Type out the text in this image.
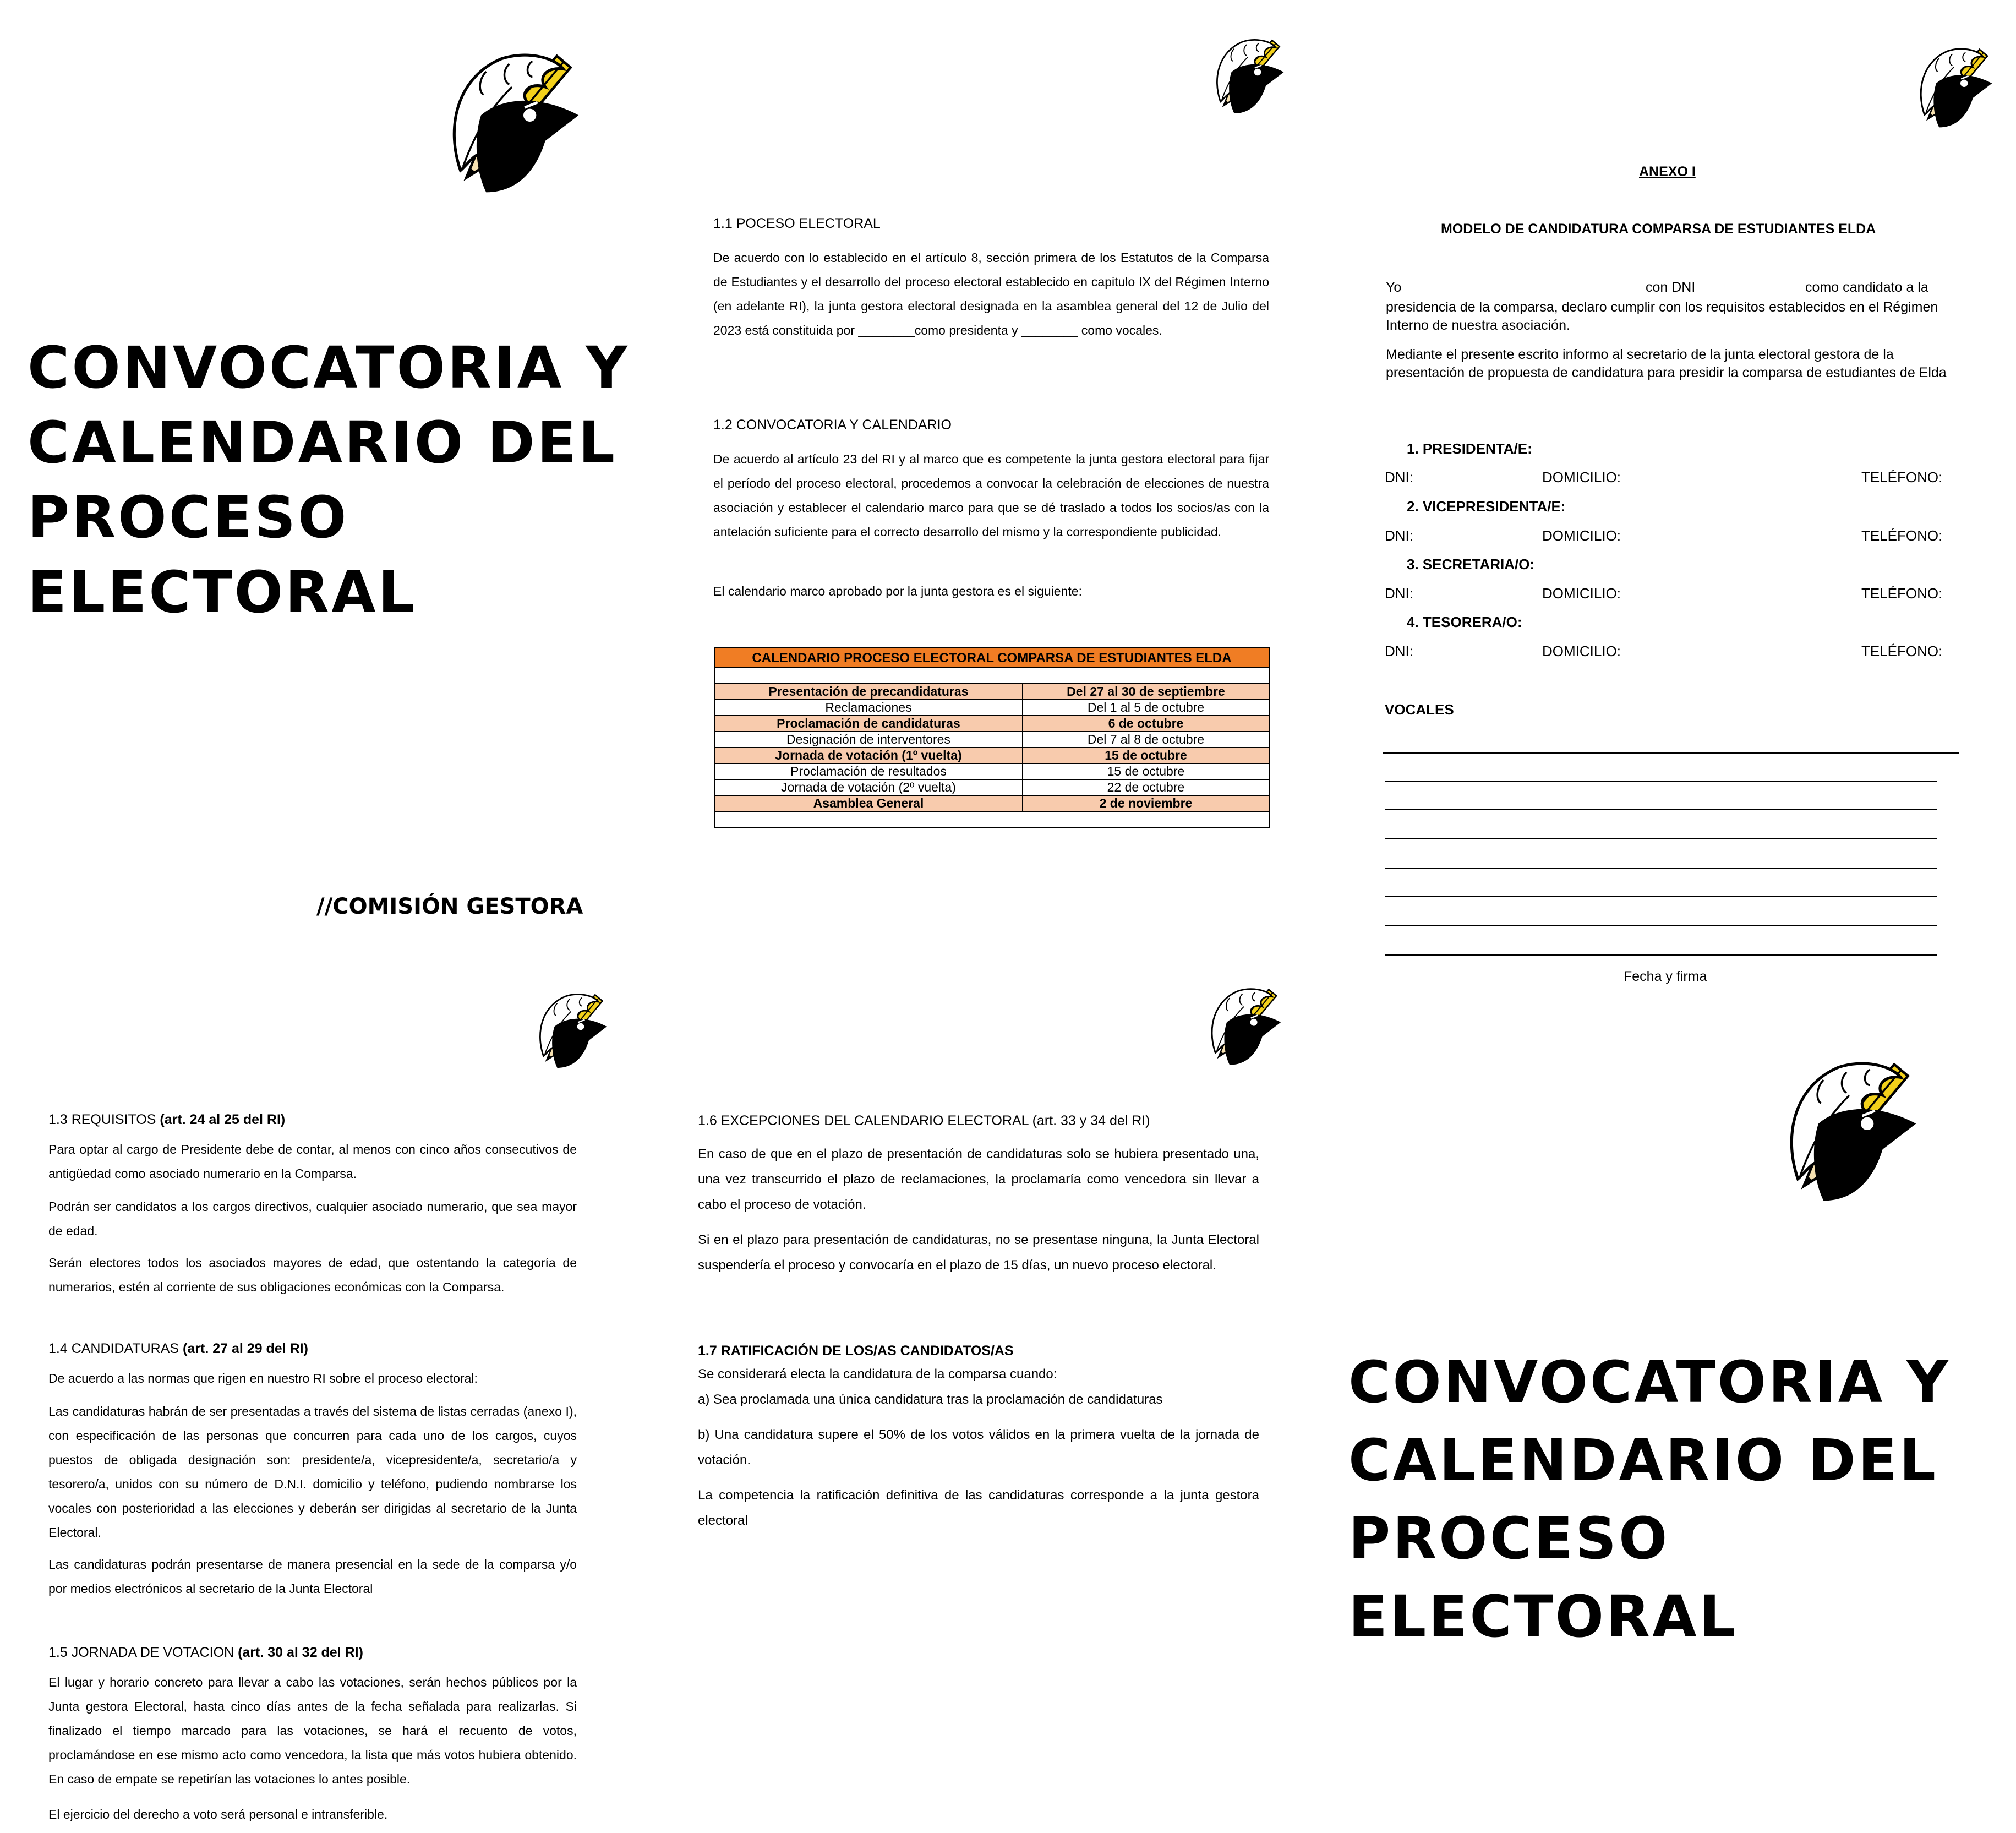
CONVOCATORIA Y
CALENDARIO DEL
PROCESO
ELECTORAL
//COMISIÓN GESTORA

1.1 POCESO ELECTORAL

De acuerdo con lo establecido en el artículo 8, sección primera de los Estatutos de la Comparsa de Estudiantes y el desarrollo del proceso electoral establecido en capitulo IX del Régimen Interno (en adelante RI), la junta gestora electoral designada en la asamblea general del 12 de Julio del 2023 está constituida por ________como presidenta y ________ como vocales.

1.2 CONVOCATORIA Y CALENDARIO

De acuerdo al artículo 23 del RI y al marco que es competente la junta gestora electoral para fijar el período del proceso electoral, procedemos a convocar la celebración de elecciones de nuestra asociación y establecer el calendario marco para que se dé traslado a todos los socios/as con la antelación suficiente para el correcto desarrollo del mismo y la correspondiente publicidad.

El calendario marco aprobado por la junta gestora es el siguiente:

CALENDARIO PROCESO ELECTORAL COMPARSA DE ESTUDIANTES ELDA	

Presentación de precandidaturas	Del 27 al 30 de septiembre
Reclamaciones	Del 1 al 5 de octubre
Proclamación de candidaturas	6 de octubre
Designación de interventores	Del 7 al 8 de octubre
Jornada de votación (1º vuelta)	15 de octubre
Proclamación de resultados	15 de octubre
Jornada de votación (2º vuelta)	22 de octubre
Asamblea General	2 de noviembre

ANEXO I
MODELO DE CANDIDATURA COMPARSA DE ESTUDIANTES ELDA
Yo	con DNI	como candidato a la
presidencia de la comparsa, declaro cumplir con los requisitos establecidos en el Régimen Interno de nuestra asociación.
Mediante el presente escrito informo al secretario de la junta electoral gestora de la presentación de propuesta de candidatura para presidir la comparsa de estudiantes de Elda
1. PRESIDENTA/E:
DNI:	DOMICILIO:	TELÉFONO:
2. VICEPRESIDENTA/E:
DNI:	DOMICILIO:	TELÉFONO:
3. SECRETARIA/O:
DNI:	DOMICILIO:	TELÉFONO:
4. TESORERA/O:
DNI:	DOMICILIO:	TELÉFONO:
VOCALES
Fecha y firma

1.3 REQUISITOS (art. 24 al 25 del RI)

Para optar al cargo de Presidente debe de contar, al menos con cinco años consecutivos de antigüedad como asociado numerario en la Comparsa.

Podrán ser candidatos a los cargos directivos, cualquier asociado numerario, que sea mayor de edad.

Serán electores todos los asociados mayores de edad, que ostentando la categoría de numerarios, estén al corriente de sus obligaciones económicas con la Comparsa.

1.4 CANDIDATURAS (art. 27 al 29 del RI)

De acuerdo a las normas que rigen en nuestro RI sobre el proceso electoral:

Las candidaturas habrán de ser presentadas a través del sistema de listas cerradas (anexo I), con especificación de las personas que concurren para cada uno de los cargos, cuyos puestos de obligada designación son: presidente/a, vicepresidente/a, secretario/a y tesorero/a, unidos con su número de D.N.I. domicilio y teléfono, pudiendo nombrarse los vocales con posterioridad a las elecciones y deberán ser dirigidas al secretario de la Junta Electoral.

Las candidaturas podrán presentarse de manera presencial en la sede de la comparsa y/o por medios electrónicos al secretario de la Junta Electoral

1.5 JORNADA DE VOTACION (art. 30 al 32 del RI)

El lugar y horario concreto para llevar a cabo las votaciones, serán hechos públicos por la Junta gestora Electoral, hasta cinco días antes de la fecha señalada para realizarlas. Si finalizado el tiempo marcado para las votaciones, se hará el recuento de votos, proclamándose en ese mismo acto como vencedora, la lista que más votos hubiera obtenido. En caso de empate se repetirían las votaciones lo antes posible.

El ejercicio del derecho a voto será personal e intransferible.

1.6 EXCEPCIONES DEL CALENDARIO ELECTORAL (art. 33 y 34 del RI)

En caso de que en el plazo de presentación de candidaturas solo se hubiera presentado una, una vez transcurrido el plazo de reclamaciones, la proclamaría como vencedora sin llevar a cabo el proceso de votación.

Si en el plazo para presentación de candidaturas, no se presentase ninguna, la Junta Electoral suspendería el proceso y convocaría en el plazo de 15 días, un nuevo proceso electoral.

1.7 RATIFICACIÓN DE LOS/AS CANDIDATOS/AS

Se considerará electa la candidatura de la comparsa cuando:

a) Sea proclamada una única candidatura tras la proclamación de candidaturas

b) Una candidatura supere el 50% de los votos válidos en la primera vuelta de la jornada de votación.

La competencia la ratificación definitiva de las candidaturas corresponde a la junta gestora electoral

CONVOCATORIA Y
CALENDARIO DEL
PROCESO
ELECTORAL
